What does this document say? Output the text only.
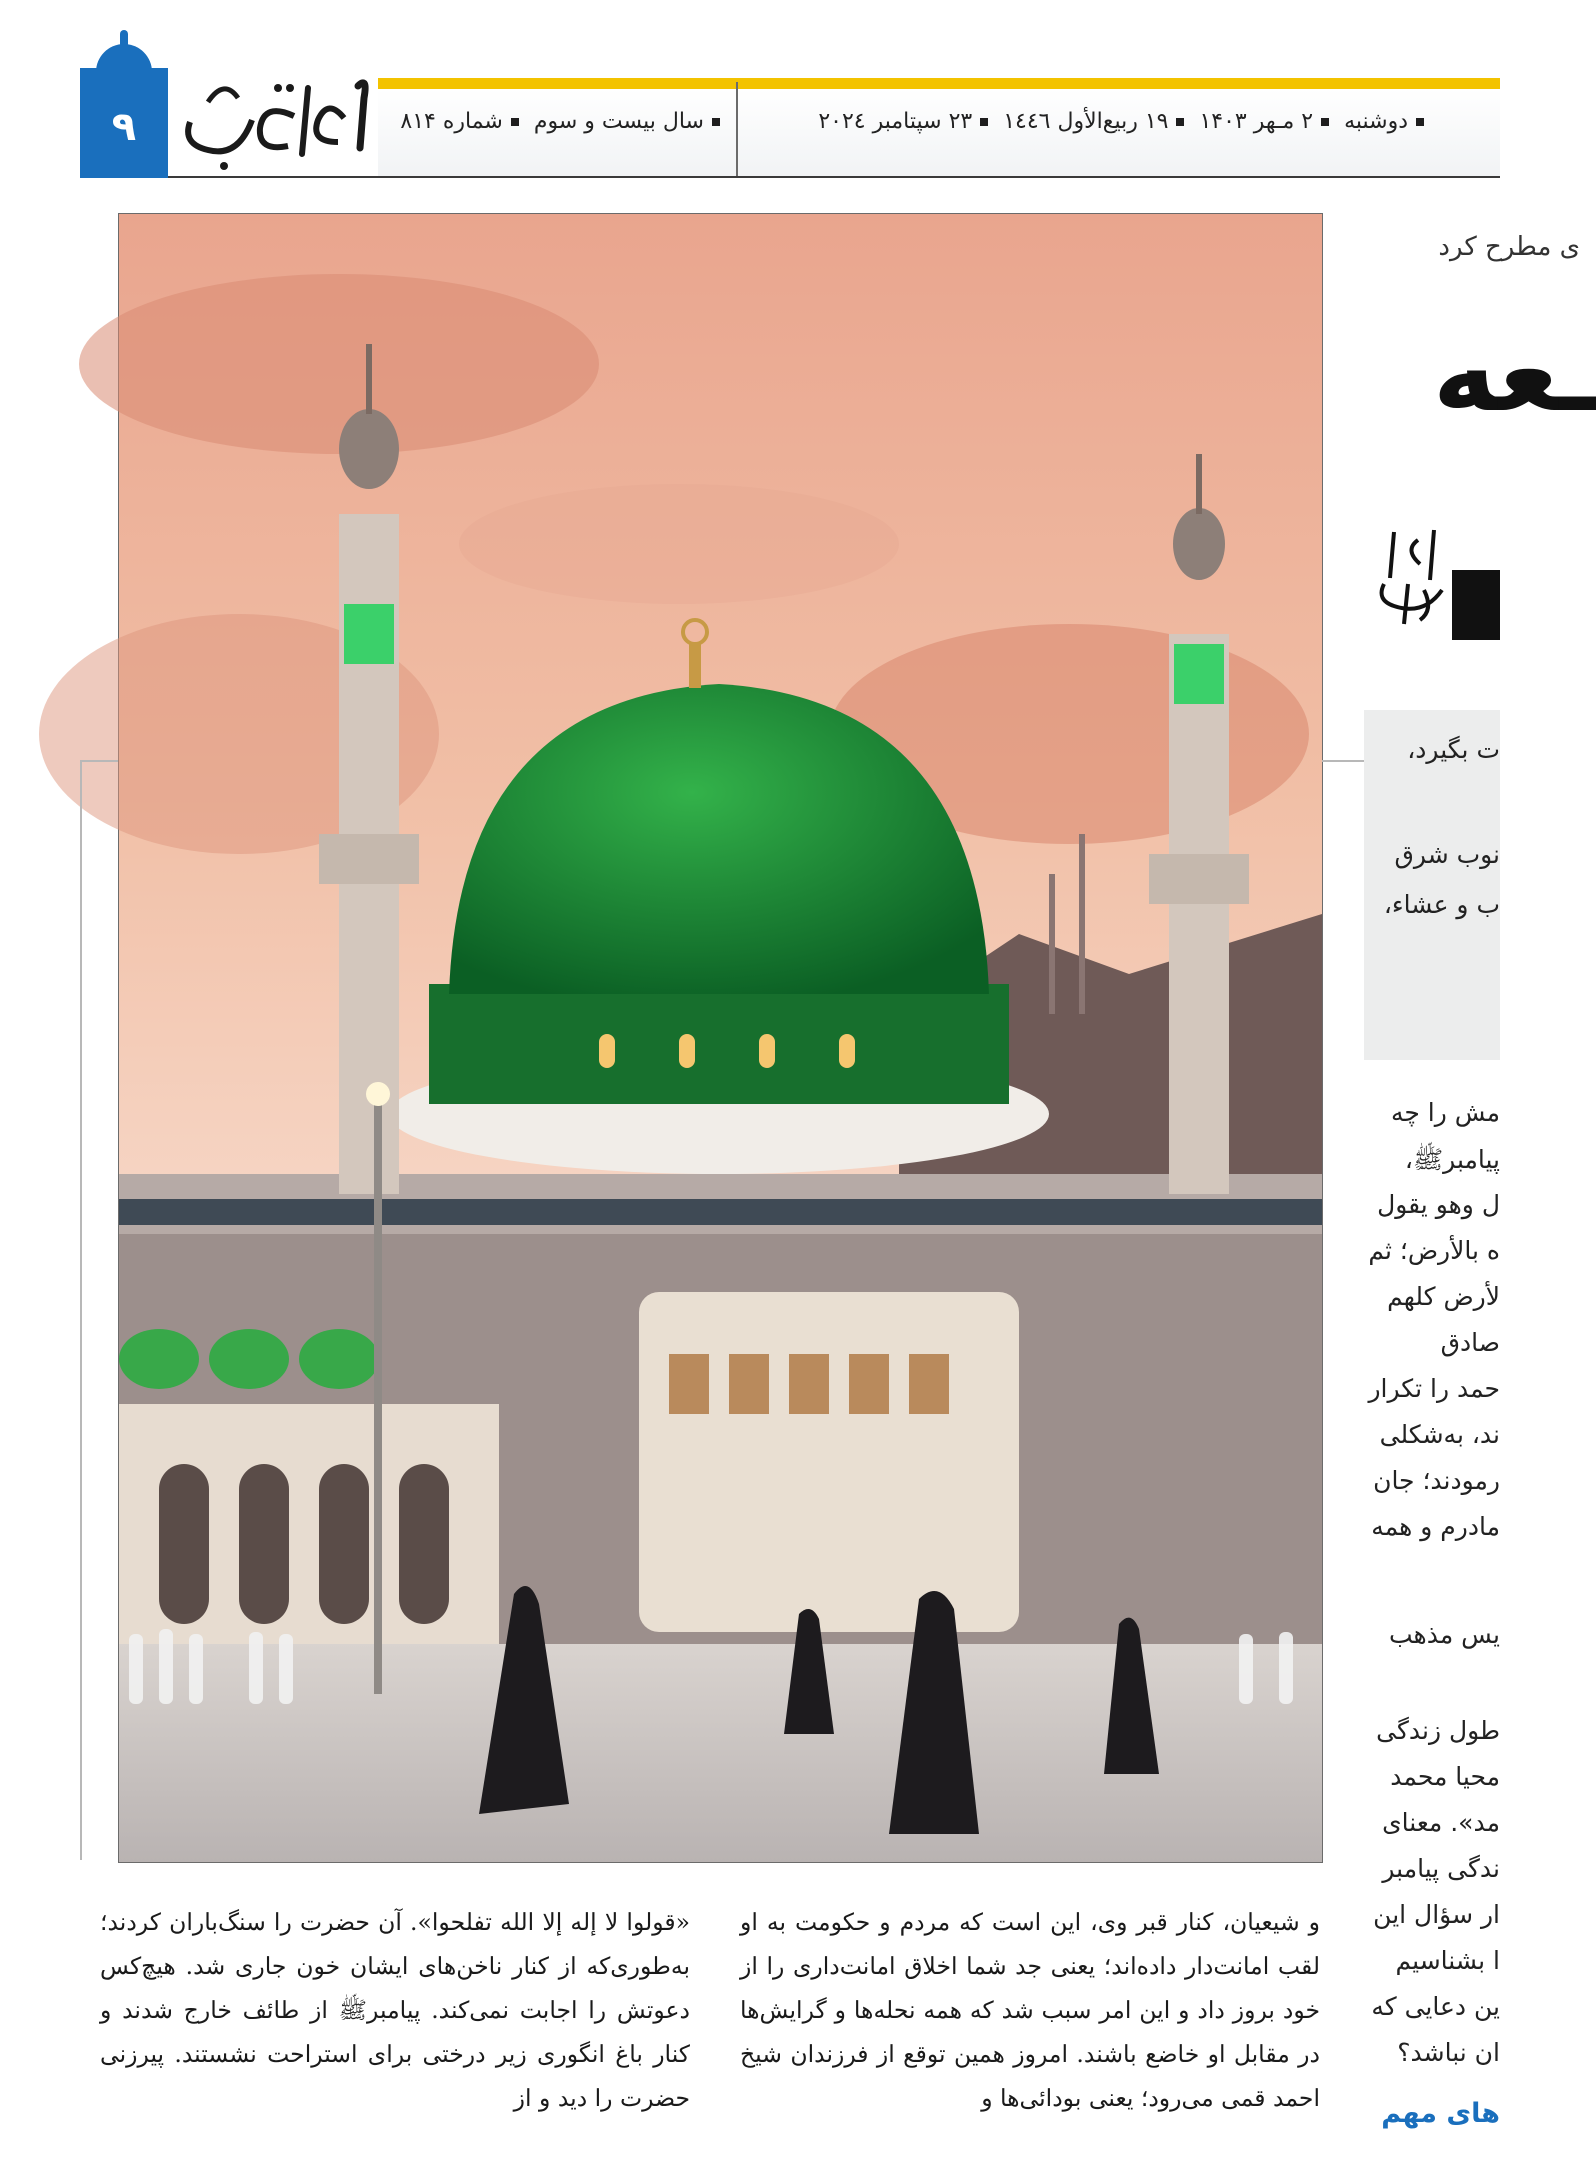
دوشنبه ۲ مـهر ۱۴۰۳ ۱۹ ربیع‌الأول ۱٤٤٦ ۲۳ سپتامبر ۲۰۲٤
سال بیست و سوم شماره ۸۱۴
۹
ی مطرح کرد
ـعه
ت بگیرد،
نوب شرق
ب و عشاء،
مش را چه
پیامبرﷺ،
ل وهو يقول
ه بالأرض؛ ثم
لأرض كلهم
صادق
حمد را تکرار
ند، به‌شکلی
رمودند؛ جان
مادرم و همه
یس مذهب
طول زندگی
محیا محمد
مد». معنای
ندگی پیامبر
ار سؤال این
ا بشناسیم
ین دعایی که
ان نباشد؟
های مهم
و شیعیان، کنار قبر وی، این است که مردم و حکومت به او لقب امانت‌دار داده‌اند؛ یعنی جد شما اخلاق امانت‌داری را از خود بروز داد و این امر سبب شد که همه نحله‌ها و گرایش‌ها در مقابل او خاضع باشند. امروز همین توقع از فرزندان شیخ احمد قمی می‌رود؛ یعنی بودائی‌ها و
«قولوا لا إله إلا الله تفلحوا». آن حضرت را سنگ‌باران کردند؛ به‌طوری‌که از کنار ناخن‌های ایشان خون جاری شد. هیچ‌کس دعوتش را اجابت نمی‌کند. پیامبرﷺ از طائف خارج شدند و کنار باغ انگوری زیر درختی برای استراحت نشستند. پیرزنی حضرت را دید و از
